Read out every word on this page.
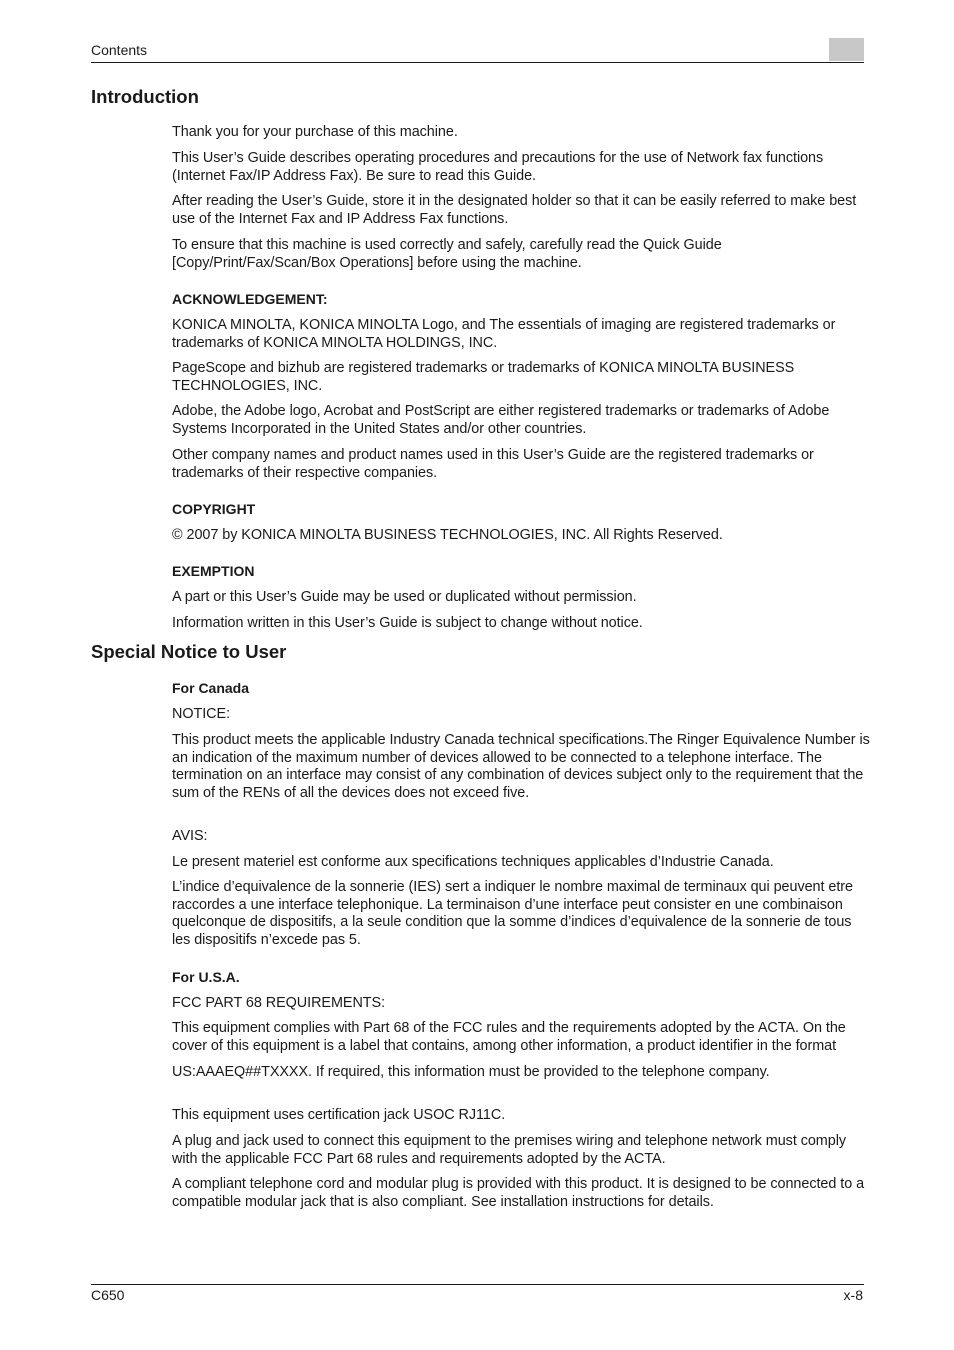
Contents
Introduction

Thank you for your purchase of this machine.

This User’s Guide describes operating procedures and precautions for the use of Network fax functions (Internet Fax/IP Address Fax). Be sure to read this Guide.

After reading the User’s Guide, store it in the designated holder so that it can be easily referred to make best use of the Internet Fax and IP Address Fax functions.

To ensure that this machine is used correctly and safely, carefully read the Quick Guide [Copy/Print/Fax/Scan/Box Operations] before using the machine.

ACKNOWLEDGEMENT:

KONICA MINOLTA, KONICA MINOLTA Logo, and The essentials of imaging are registered trademarks or trademarks of KONICA MINOLTA HOLDINGS, INC.

PageScope and bizhub are registered trademarks or trademarks of KONICA MINOLTA BUSINESS TECHNOLOGIES, INC.

Adobe, the Adobe logo, Acrobat and PostScript are either registered trademarks or trademarks of Adobe Systems Incorporated in the United States and/or other countries.

Other company names and product names used in this User’s Guide are the registered trademarks or trademarks of their respective companies.

COPYRIGHT

© 2007 by KONICA MINOLTA BUSINESS TECHNOLOGIES, INC. All Rights Reserved.

EXEMPTION

A part or this User’s Guide may be used or duplicated without permission.

Information written in this User’s Guide is subject to change without notice.

Special Notice to User
For Canada

NOTICE:

This product meets the applicable Industry Canada technical specifications.The Ringer Equivalence Number is an indication of the maximum number of devices allowed to be connected to a telephone interface. The termination on an interface may consist of any combination of devices subject only to the requirement that the sum of the RENs of all the devices does not exceed five.

AVIS:

Le present materiel est conforme aux specifications techniques applicables d’Industrie Canada.

L’indice d’equivalence de la sonnerie (IES) sert a indiquer le nombre maximal de terminaux qui peuvent etre raccordes a une interface telephonique. La terminaison d’une interface peut consister en une combinaison quelconque de dispositifs, a la seule condition que la somme d’indices d’equivalence de la sonnerie de tous les dispositifs n’excede pas 5.

For U.S.A.

FCC PART 68 REQUIREMENTS:

This equipment complies with Part 68 of the FCC rules and the requirements adopted by the ACTA. On the cover of this equipment is a label that contains, among other information, a product identifier in the format

US:AAAEQ##TXXXX. If required, this information must be provided to the telephone company.

This equipment uses certification jack USOC RJ11C.

A plug and jack used to connect this equipment to the premises wiring and telephone network must comply with the applicable FCC Part 68 rules and requirements adopted by the ACTA.

A compliant telephone cord and modular plug is provided with this product. It is designed to be connected to a compatible modular jack that is also compliant. See installation instructions for details.

C650	x-8
